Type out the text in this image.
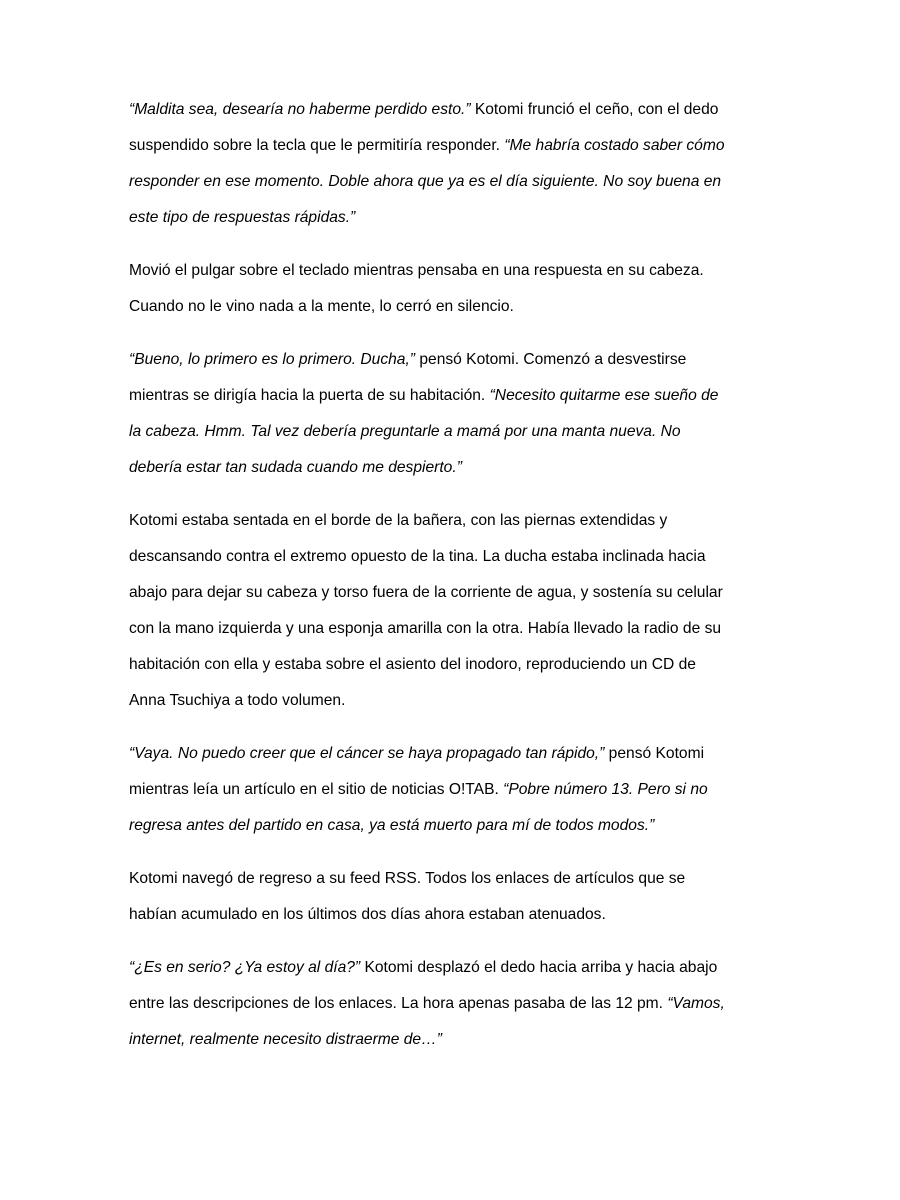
“Maldita sea, desearía no haberme perdido esto.” Kotomi frunció el ceño, con el dedo
suspendido sobre la tecla que le permitiría responder. “Me habría costado saber cómo
responder en ese momento. Doble ahora que ya es el día siguiente. No soy buena en
este tipo de respuestas rápidas.”

Movió el pulgar sobre el teclado mientras pensaba en una respuesta en su cabeza.
Cuando no le vino nada a la mente, lo cerró en silencio.

“Bueno, lo primero es lo primero. Ducha,” pensó Kotomi. Comenzó a desvestirse
mientras se dirigía hacia la puerta de su habitación. “Necesito quitarme ese sueño de
la cabeza. Hmm. Tal vez debería preguntarle a mamá por una manta nueva. No
debería estar tan sudada cuando me despierto.”

Kotomi estaba sentada en el borde de la bañera, con las piernas extendidas y
descansando contra el extremo opuesto de la tina. La ducha estaba inclinada hacia
abajo para dejar su cabeza y torso fuera de la corriente de agua, y sostenía su celular
con la mano izquierda y una esponja amarilla con la otra. Había llevado la radio de su
habitación con ella y estaba sobre el asiento del inodoro, reproduciendo un CD de
Anna Tsuchiya a todo volumen.

“Vaya. No puedo creer que el cáncer se haya propagado tan rápido,” pensó Kotomi
mientras leía un artículo en el sitio de noticias O!TAB. “Pobre número 13. Pero si no
regresa antes del partido en casa, ya está muerto para mí de todos modos.”

Kotomi navegó de regreso a su feed RSS. Todos los enlaces de artículos que se
habían acumulado en los últimos dos días ahora estaban atenuados.

“¿Es en serio? ¿Ya estoy al día?” Kotomi desplazó el dedo hacia arriba y hacia abajo
entre las descripciones de los enlaces. La hora apenas pasaba de las 12 pm. “Vamos,
internet, realmente necesito distraerme de…”
